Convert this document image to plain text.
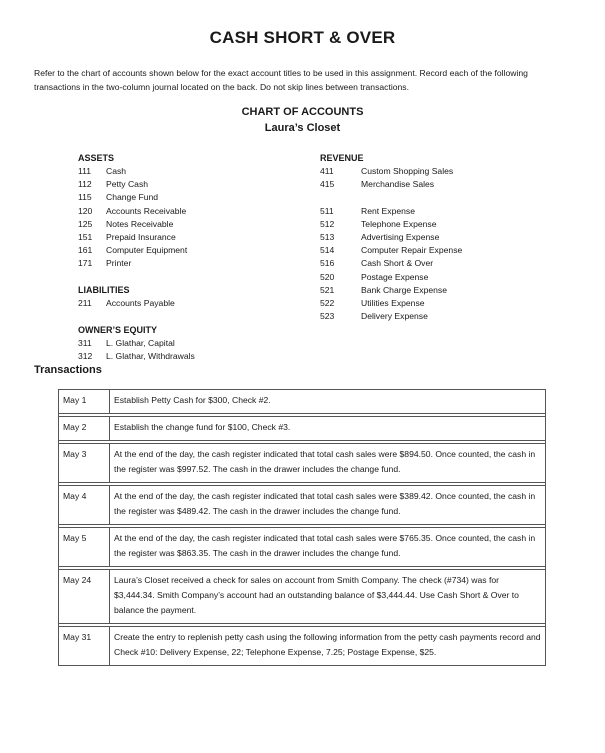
CASH SHORT & OVER
Refer to the chart of accounts shown below for the exact account titles to be used in this assignment. Record each of the following transactions in the two-column journal located on the back. Do not skip lines between transactions.
CHART OF ACCOUNTS
Laura’s Closet
ASSETS
111	Cash
112	Petty Cash
115	Change Fund
120	Accounts Receivable
125	Notes Receivable
151	Prepaid Insurance
161	Computer Equipment
171	Printer
LIABILITIES
211	Accounts Payable
OWNER’S EQUITY
311	L. Glathar, Capital
312	L. Glathar, Withdrawals
REVENUE
411	Custom Shopping Sales
415	Merchandise Sales
511	Rent Expense
512	Telephone Expense
513	Advertising Expense
514	Computer Repair Expense
516	Cash Short & Over
520	Postage Expense
521	Bank Charge Expense
522	Utilities Expense
523	Delivery Expense
Transactions
May 1	Establish Petty Cash for $300, Check #2.

May 2	Establish the change fund for $100, Check #3.

May 3	At the end of the day, the cash register indicated that total cash sales were $894.50. Once counted, the cash in the register was $997.52. The cash in the drawer includes the change fund.

May 4	At the end of the day, the cash register indicated that total cash sales were $389.42. Once counted, the cash in the register was $489.42. The cash in the drawer includes the change fund.

May 5	At the end of the day, the cash register indicated that total cash sales were $765.35. Once counted, the cash in the register was $863.35. The cash in the drawer includes the change fund.

May 24	Laura’s Closet received a check for sales on account from Smith Company. The check (#734) was for $3,444.34. Smith Company’s account had an outstanding balance of $3,444.44. Use Cash Short & Over to balance the payment.

May 31	Create the entry to replenish petty cash using the following information from the petty cash payments record and Check #10: Delivery Expense, 22; Telephone Expense, 7.25; Postage Expense, $25.
